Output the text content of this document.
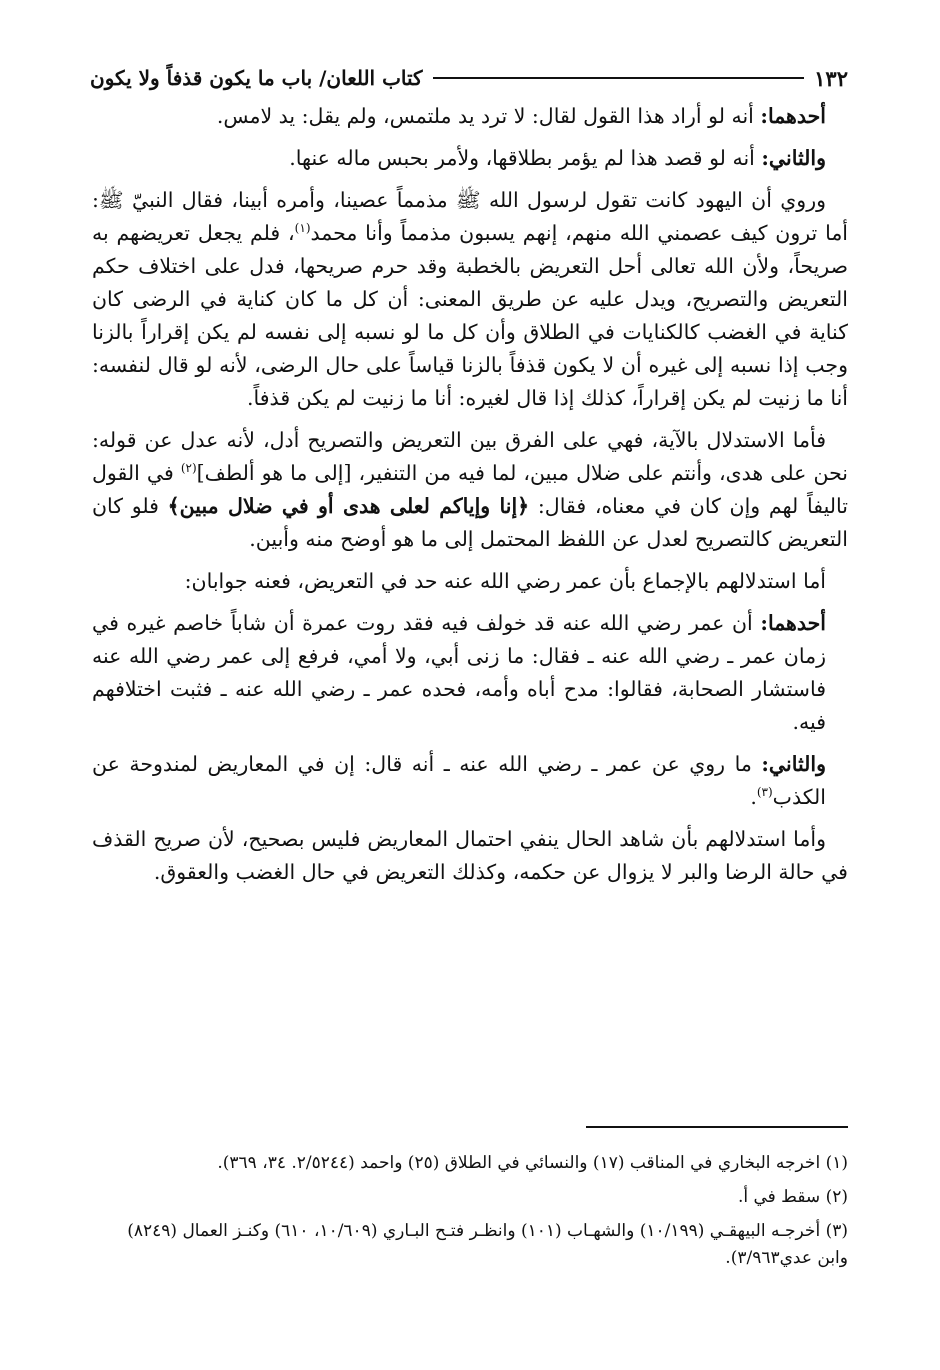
كتاب اللعان/ باب ما يكون قذفاً ولا يكون	١٣٢

أحدهما: أنه لو أراد هذا القول لقال: لا ترد يد ملتمس، ولم يقل: يد لامس.

والثاني: أنه لو قصد هذا لم يؤمر بطلاقها، ولأمر بحبس ماله عنها.

وروي أن اليهود كانت تقول لرسول الله ﷺ مذمماً عصينا، وأمره أبينا، فقال النبيّ ﷺ: أما ترون كيف عصمني الله منهم، إنهم يسبون مذمماً وأنا محمد$^{(١)}$، فلم يجعل تعريضهم به صريحاً، ولأن الله تعالى أحل التعريض بالخطبة وقد حرم صريحها، فدل على اختلاف حكم التعريض والتصريح، ويدل عليه عن طريق المعنى: أن كل ما كان كناية في الرضى كان كناية في الغضب كالكنايات في الطلاق وأن كل ما لو نسبه إلى نفسه لم يكن إقراراً بالزنا وجب إذا نسبه إلى غيره أن لا يكون قذفاً بالزنا قياساً على حال الرضى، لأنه لو قال لنفسه: أنا ما زنيت لم يكن إقراراً، كذلك إذا قال لغيره: أنا ما زنيت لم يكن قذفاً.

فأما الاستدلال بالآية، فهي على الفرق بين التعريض والتصريح أدل، لأنه عدل عن قوله: نحن على هدى، وأنتم على ضلال مبين، لما فيه من التنفير، [إلى ما هو ألطف]$^{(٢)}$ في القول تاليفاً لهم وإن كان في معناه، فقال: ﴿إنا وإياكم لعلى هدى أو في ضلال مبين﴾ فلو كان التعريض كالتصريح لعدل عن اللفظ المحتمل إلى ما هو أوضح منه وأبين.

أما استدلالهم بالإجماع بأن عمر رضي الله عنه حد في التعريض، فعنه جوابان:

أحدهما: أن عمر رضي الله عنه قد خولف فيه فقد روت عمرة أن شاباً خاصم غيره في زمان عمر ـ رضي الله عنه ـ فقال: ما زنى أبي، ولا أمي، فرفع إلى عمر رضي الله عنه فاستشار الصحابة، فقالوا: مدح أباه وأمه، فحده عمر ـ رضي الله عنه ـ فثبت اختلافهم فيه.

والثاني: ما روي عن عمر ـ رضي الله عنه ـ أنه قال: إن في المعاريض لمندوحة عن الكذب$^{(٣)}$.

وأما استدلالهم بأن شاهد الحال ينفي احتمال المعاريض فليس بصحيح، لأن صريح القذف في حالة الرضا والبر لا يزوال عن حكمه، وكذلك التعريض في حال الغضب والعقوق.

(١) اخرجه البخاري في المناقب (١٧) والنسائي في الطلاق (٢٥) واحمد (٢/٥٢٤٤. ٣٤، ٣٦٩).

(٢) سقط في أ.

(٣) أخرجـه البيهقـي (١٠/١٩٩) والشهـاب (١٠١) وانظـر فتـح البـاري (١٠/٦٠٩، ٦١٠) وكنـز العمال (٨٢٤٩) وابن عدي٣/٩٦٣).
